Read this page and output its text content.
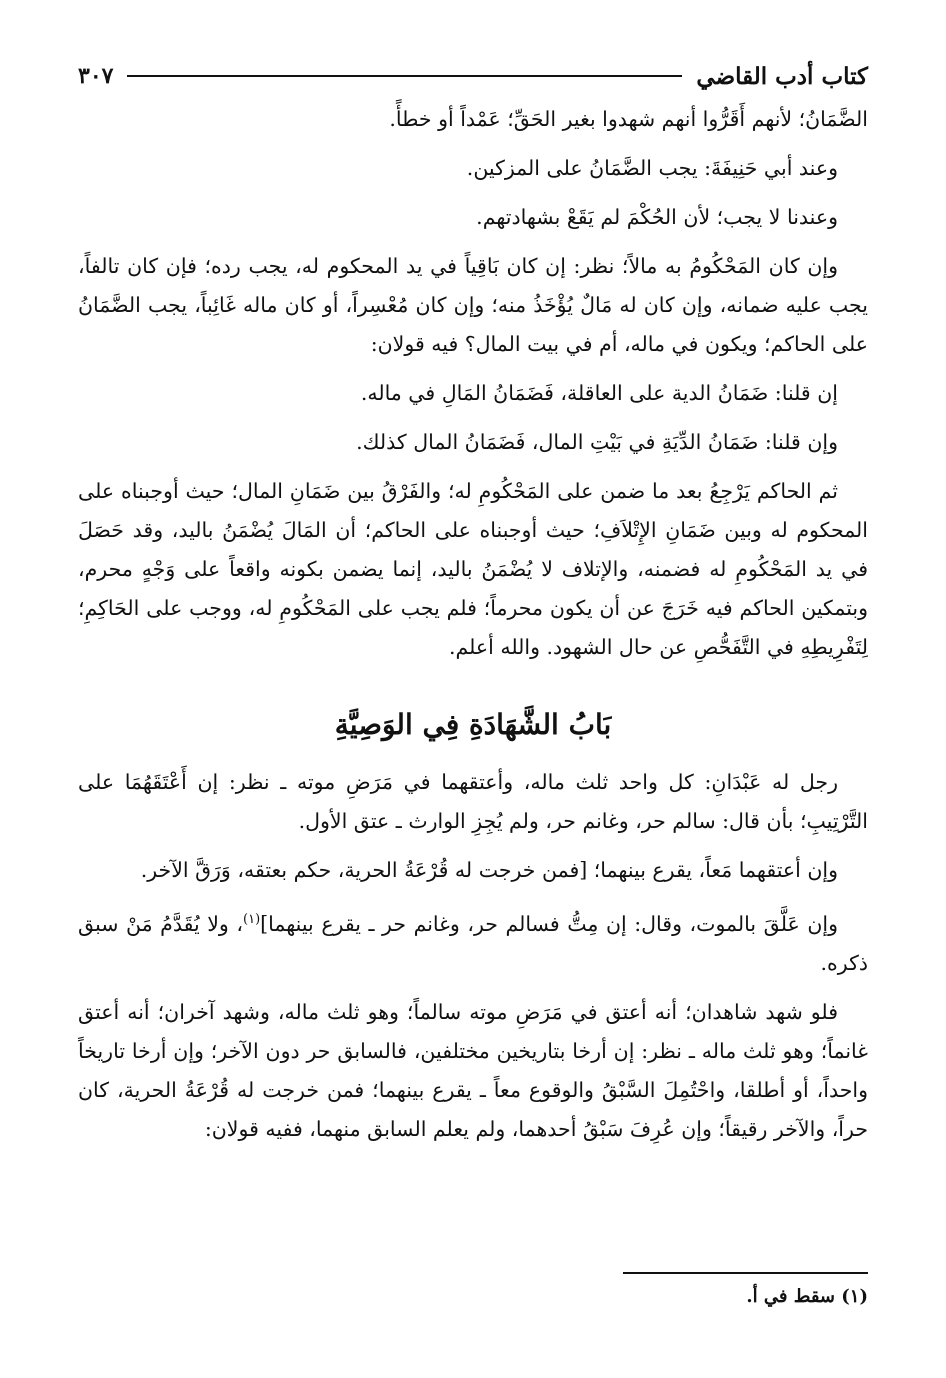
كتاب أدب القاضي
٣٠٧

الضَّمَانُ؛ لأنهم أَقَرُّوا أنهم شهدوا بغير الحَقِّ؛ عَمْداً أو خطأً.

وعند أبي حَنِيفَةَ: يجب الضَّمَانُ على المزكين.

وعندنا لا يجب؛ لأن الحُكْمَ لم يَقَعْ بشهادتهم.

وإن كان المَحْكُومُ به مالاً؛ نظر: إن كان بَاقِياً في يد المحكوم له، يجب رده؛ فإن كان تالفاً، يجب عليه ضمانه، وإن كان له مَالٌ يُؤْخَذُ منه؛ وإن كان مُعْسِراً، أو كان ماله غَائِباً، يجب الضَّمَانُ على الحاكم؛ ويكون في ماله، أم في بيت المال؟ فيه قولان:

إن قلنا: ضَمَانُ الدية على العاقلة، فَضَمَانُ المَالِ في ماله.

وإن قلنا: ضَمَانُ الدِّيَةِ في بَيْتِ المال، فَضَمَانُ المال كذلك.

ثم الحاكم يَرْجِعُ بعد ما ضمن على المَحْكُومِ له؛ والفَرْقُ بين ضَمَانِ المال؛ حيث أوجبناه على المحكوم له وبين ضَمَانِ الإِتْلاَفِ؛ حيث أوجبناه على الحاكم؛ أن المَالَ يُضْمَنُ باليد، وقد حَصَلَ في يد المَحْكُومِ له فضمنه، والإتلاف لا يُضْمَنُ باليد، إنما يضمن بكونه واقعاً على وَجْهٍ محرم، وبتمكين الحاكم فيه خَرَجَ عن أن يكون محرماً؛ فلم يجب على المَحْكُومِ له، ووجب على الحَاكِمِ؛ لِتَفْرِيطِهِ في التَّفَحُّصِ عن حال الشهود. والله أعلم.

بَابُ الشَّهَادَةِ فِي الوَصِيَّةِ

رجل له عَبْدَانِ: كل واحد ثلث ماله، وأعتقهما في مَرَضِ موته ـ نظر: إن أَعْتَقَهُمَا على التَّرْتِيبِ؛ بأن قال: سالم حر، وغانم حر، ولم يُجِزِ الوارث ـ عتق الأول.

وإن أعتقهما مَعاً، يقرع بينهما؛ [فمن خرجت له قُرْعَةُ الحرية، حكم بعتقه، وَرَقَّ الآخر.

وإن عَلَّقَ بالموت، وقال: إن مِتُّ فسالم حر، وغانم حر ـ يقرع بينهما]$^{(١)}$، ولا يُقَدَّمُ مَنْ سبق ذكره.

فلو شهد شاهدان؛ أنه أعتق في مَرَضِ موته سالماً؛ وهو ثلث ماله، وشهد آخران؛ أنه أعتق غانماً؛ وهو ثلث ماله ـ نظر: إن أرخا بتاريخين مختلفين، فالسابق حر دون الآخر؛ وإن أرخا تاريخاً واحداً، أو أطلقا، واحْتُمِلَ السَّبْقُ والوقوع معاً ـ يقرع بينهما؛ فمن خرجت له قُرْعَةُ الحرية، كان حراً، والآخر رقيقاً؛ وإن عُرِفَ سَبْقُ أحدهما، ولم يعلم السابق منهما، ففيه قولان:

(١) سقط في أ.
